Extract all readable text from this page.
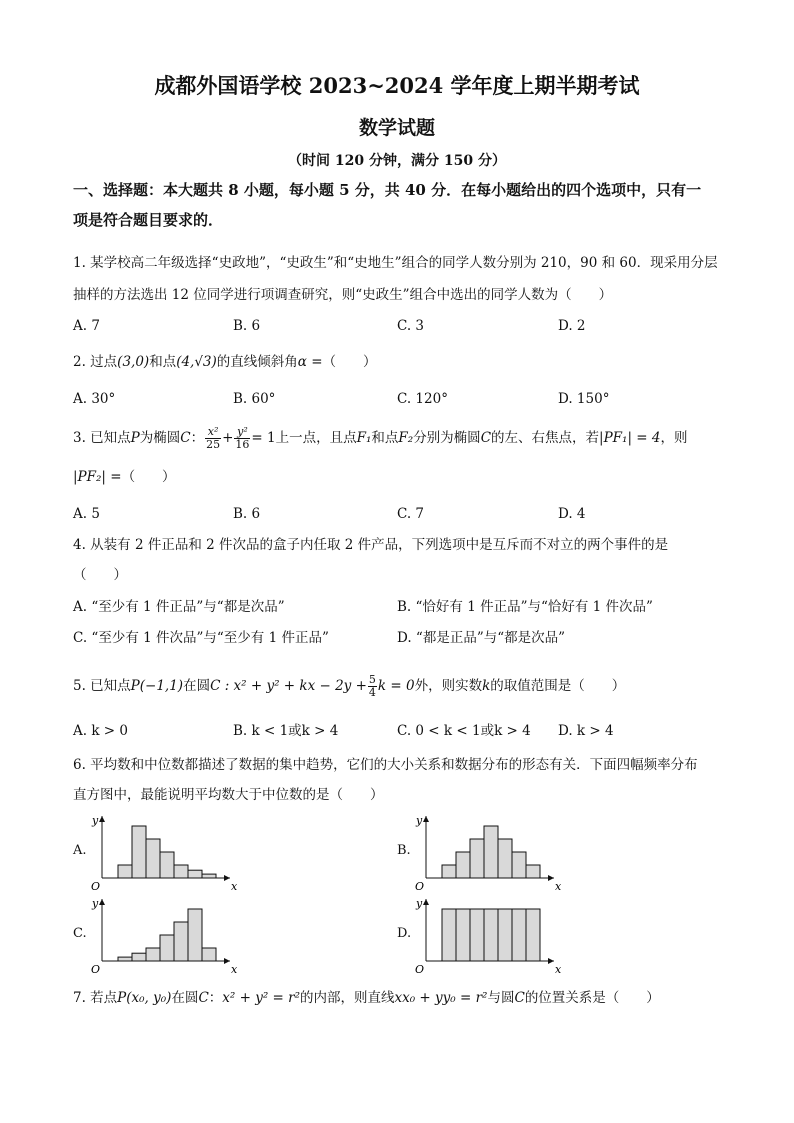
成都外国语学校 2023~2024 学年度上期半期考试
数学试题
（时间 120 分钟，满分 150 分）
一、选择题：本大题共 8 小题，每小题 5 分，共 40 分．在每小题给出的四个选项中，只有一
项是符合题目要求的．
1. 某学校高二年级选择“史政地”，“史政生”和“史地生”组合的同学人数分别为 210，90 和 60．现采用分层
抽样的方法选出 12 位同学进行项调查研究，则“史政生”组合中选出的同学人数为（　　）
A. 7	B. 6	C. 3	D. 2
2. 过点(3,0)和点(4,√3)的直线倾斜角α =（　　）
A. 30°	B. 60°	C. 120°	D. 150°
3. 已知点P为椭圆C： $\frac{\text{x²}}{25} + \frac{\text{y²}}{16} = 1$上一点，且点F₁和点F₂分别为椭圆C的左、右焦点，若|PF₁| = 4，则
|PF₂| =（　　）
A. 5	B. 6	C. 7	D. 4
4. 从装有 2 件正品和 2 件次品的盒子内任取 2 件产品，下列选项中是互斥而不对立的两个事件的是
（　　）
A. “至少有 1 件正品”与“都是次品”	B. “恰好有 1 件正品”与“恰好有 1 件次品”
C. “至少有 1 件次品”与“至少有 1 件正品”	D. “都是正品”与“都是次品”
5. 已知点P(−1,1)在圆C : x² + y² + kx − $2y + \frac{5}{4}$ k = 0外，则实数k的取值范围是（　　）
A. k > 0	B. k < 1或k > 4	C. 0 < k < 1或k > 4 D. k > 4
6. 平均数和中位数都描述了数据的集中趋势，它们的大小关系和数据分布的形态有关．下面四幅频率分布
直方图中，最能说明平均数大于中位数的是（　　）
A.	B.
C.	D.
x
y
O	x
y
O
x
y
O	x
y
O
7. 若点P(x₀, y₀)在圆C：x² + y² = r²的内部，则直线xx₀ + yy₀ = r²与圆C的位置关系是（　　）
